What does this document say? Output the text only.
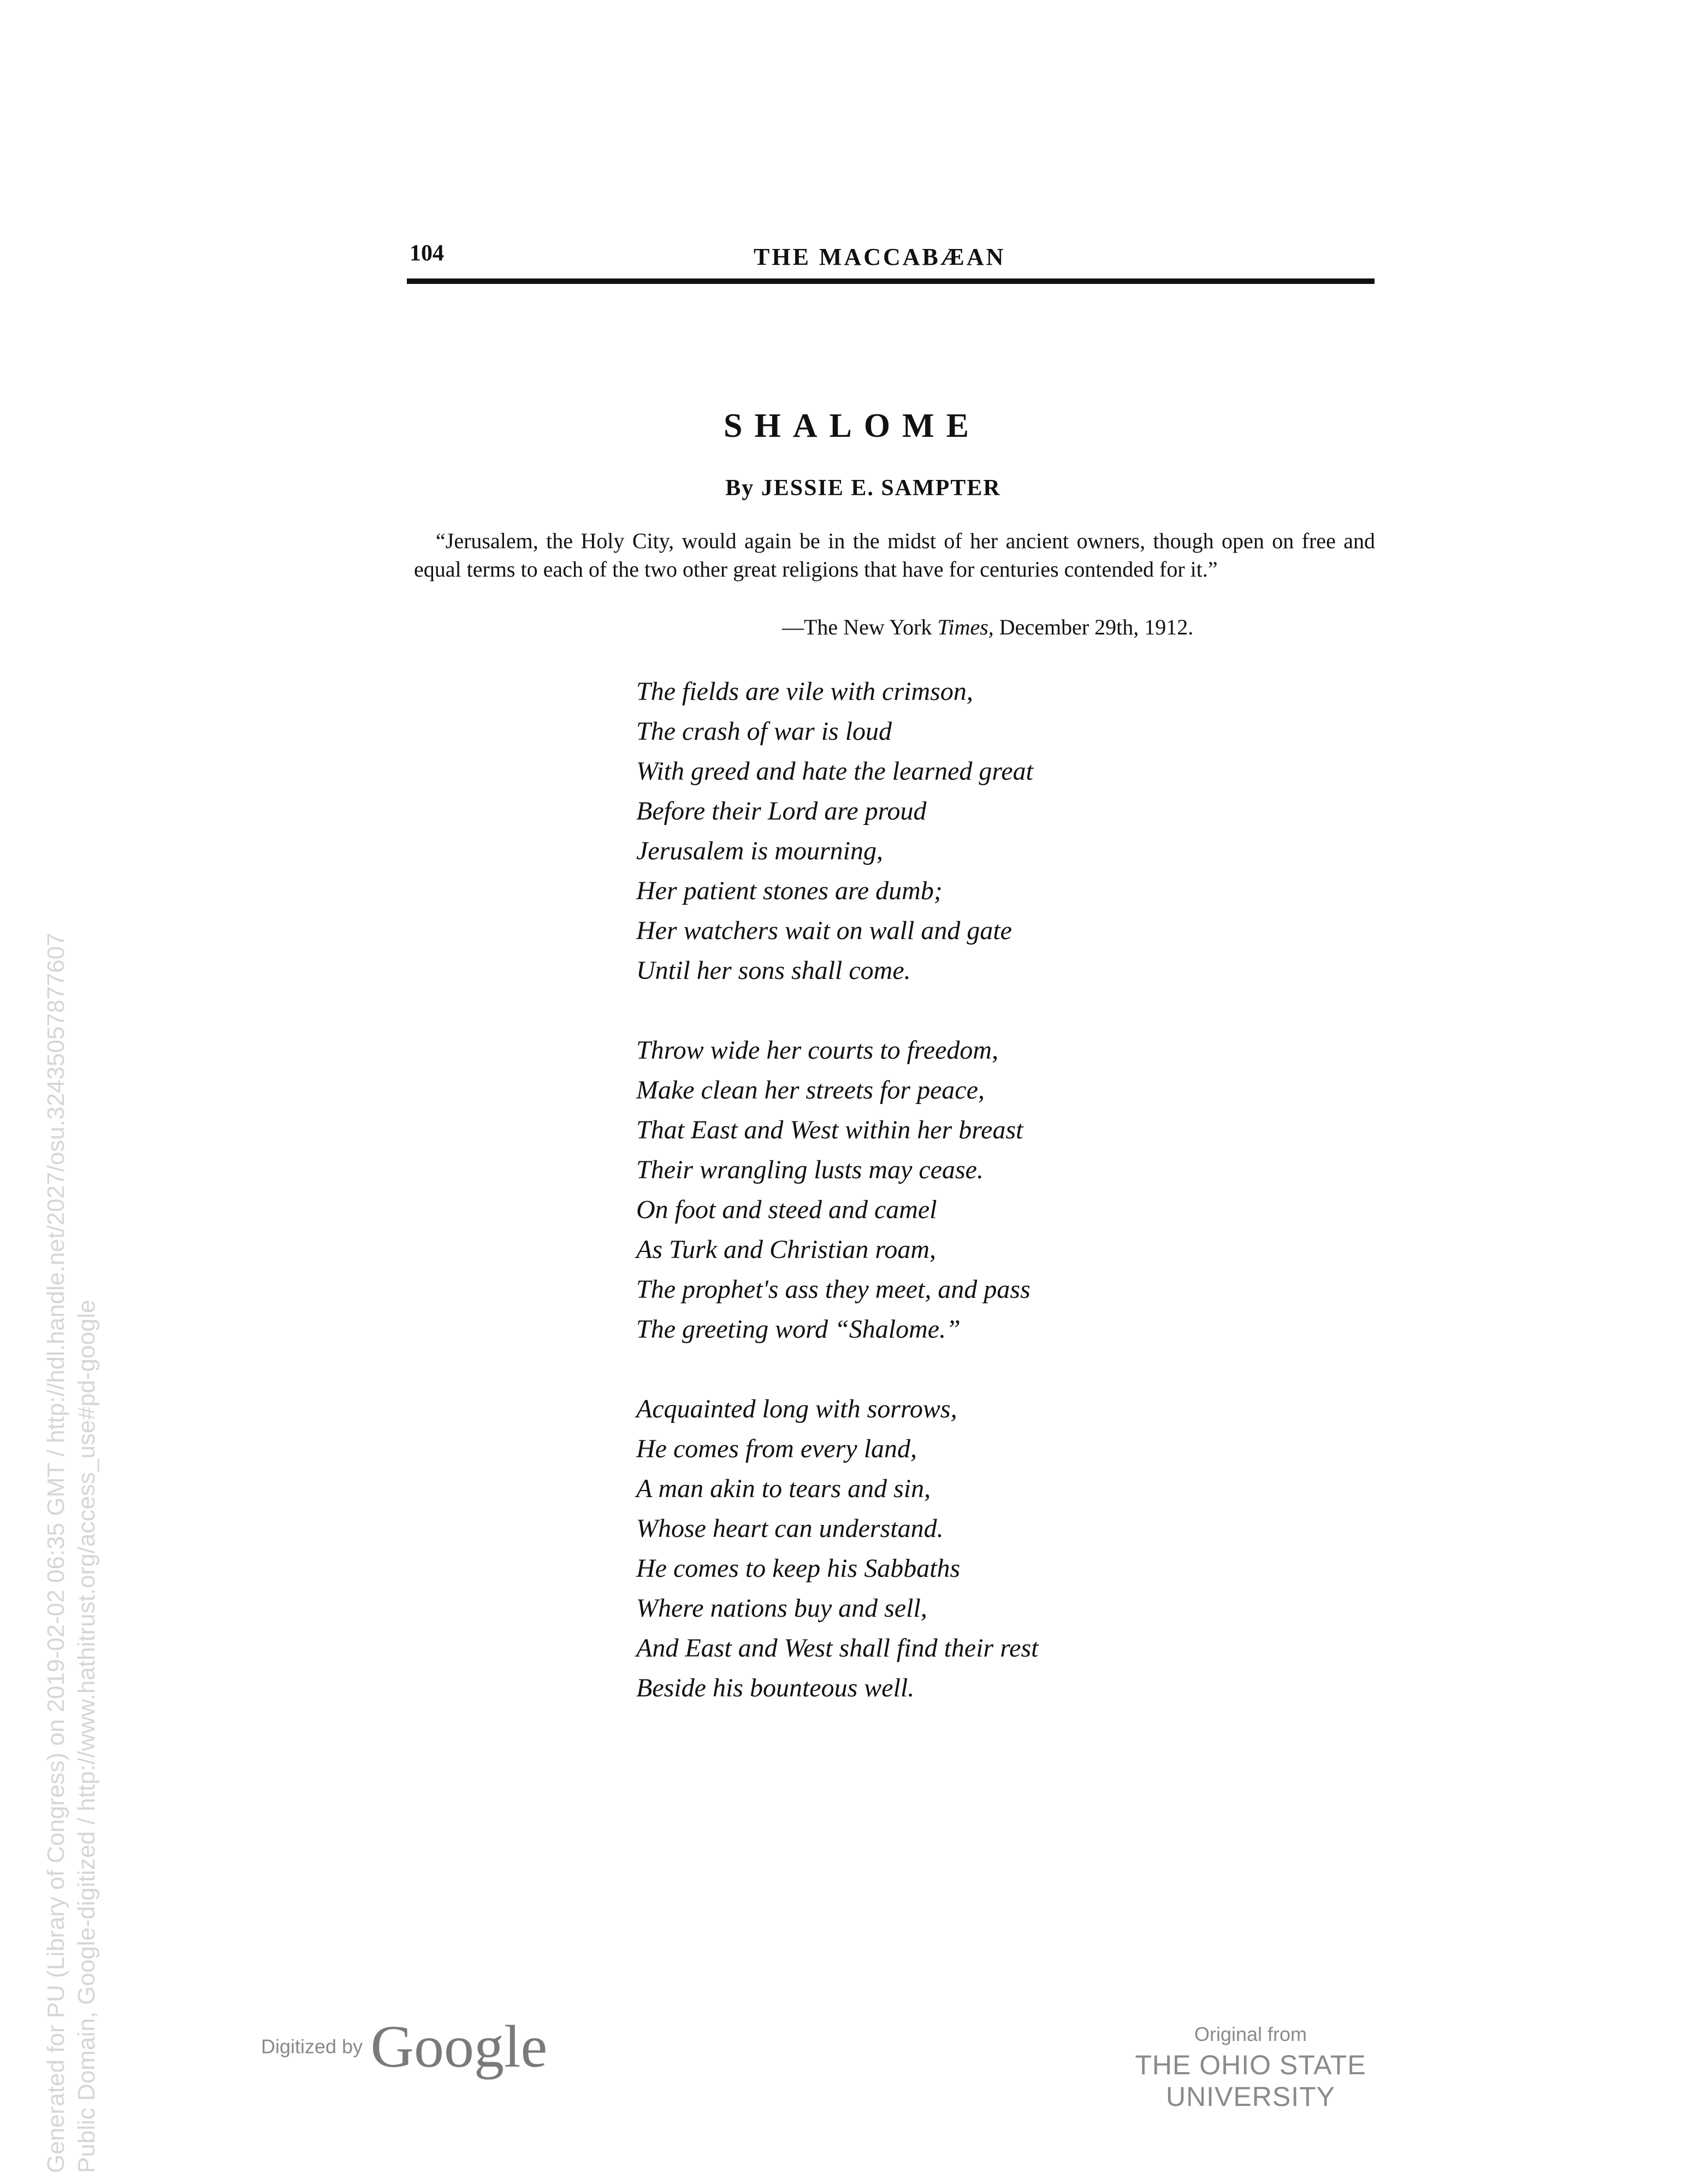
104	THE MACCABÆAN
SHALOME
By JESSIE E. SAMPTER

“Jerusalem, the Holy City, would again be in the midst of her ancient owners, though open on free and equal terms to each of the two other great religions that have for centuries contended for it.”

—The New York Times, December 29th, 1912.
The fields are vile with crimson,
The crash of war is loud
With greed and hate the learned great
Before their Lord are proud
Jerusalem is mourning,
Her patient stones are dumb;
Her watchers wait on wall and gate
Until her sons shall come.
Throw wide her courts to freedom,
Make clean her streets for peace,
That East and West within her breast
Their wrangling lusts may cease.
On foot and steed and camel
As Turk and Christian roam,
The prophet's ass they meet, and pass
The greeting word “Shalome.”
Acquainted long with sorrows,
He comes from every land,
A man akin to tears and sin,
Whose heart can understand.
He comes to keep his Sabbaths
Where nations buy and sell,
And East and West shall find their rest
Beside his bounteous well.
Digitized by Google	Original from
THE OHIO STATE UNIVERSITY
Generated for PU (Library of Congress) on 2019-02-02 06:35 GMT / http://hdl.handle.net/2027/osu.32435057877607 Public Domain, Google-digitized / http://www.hathitrust.org/access_use#pd-google
